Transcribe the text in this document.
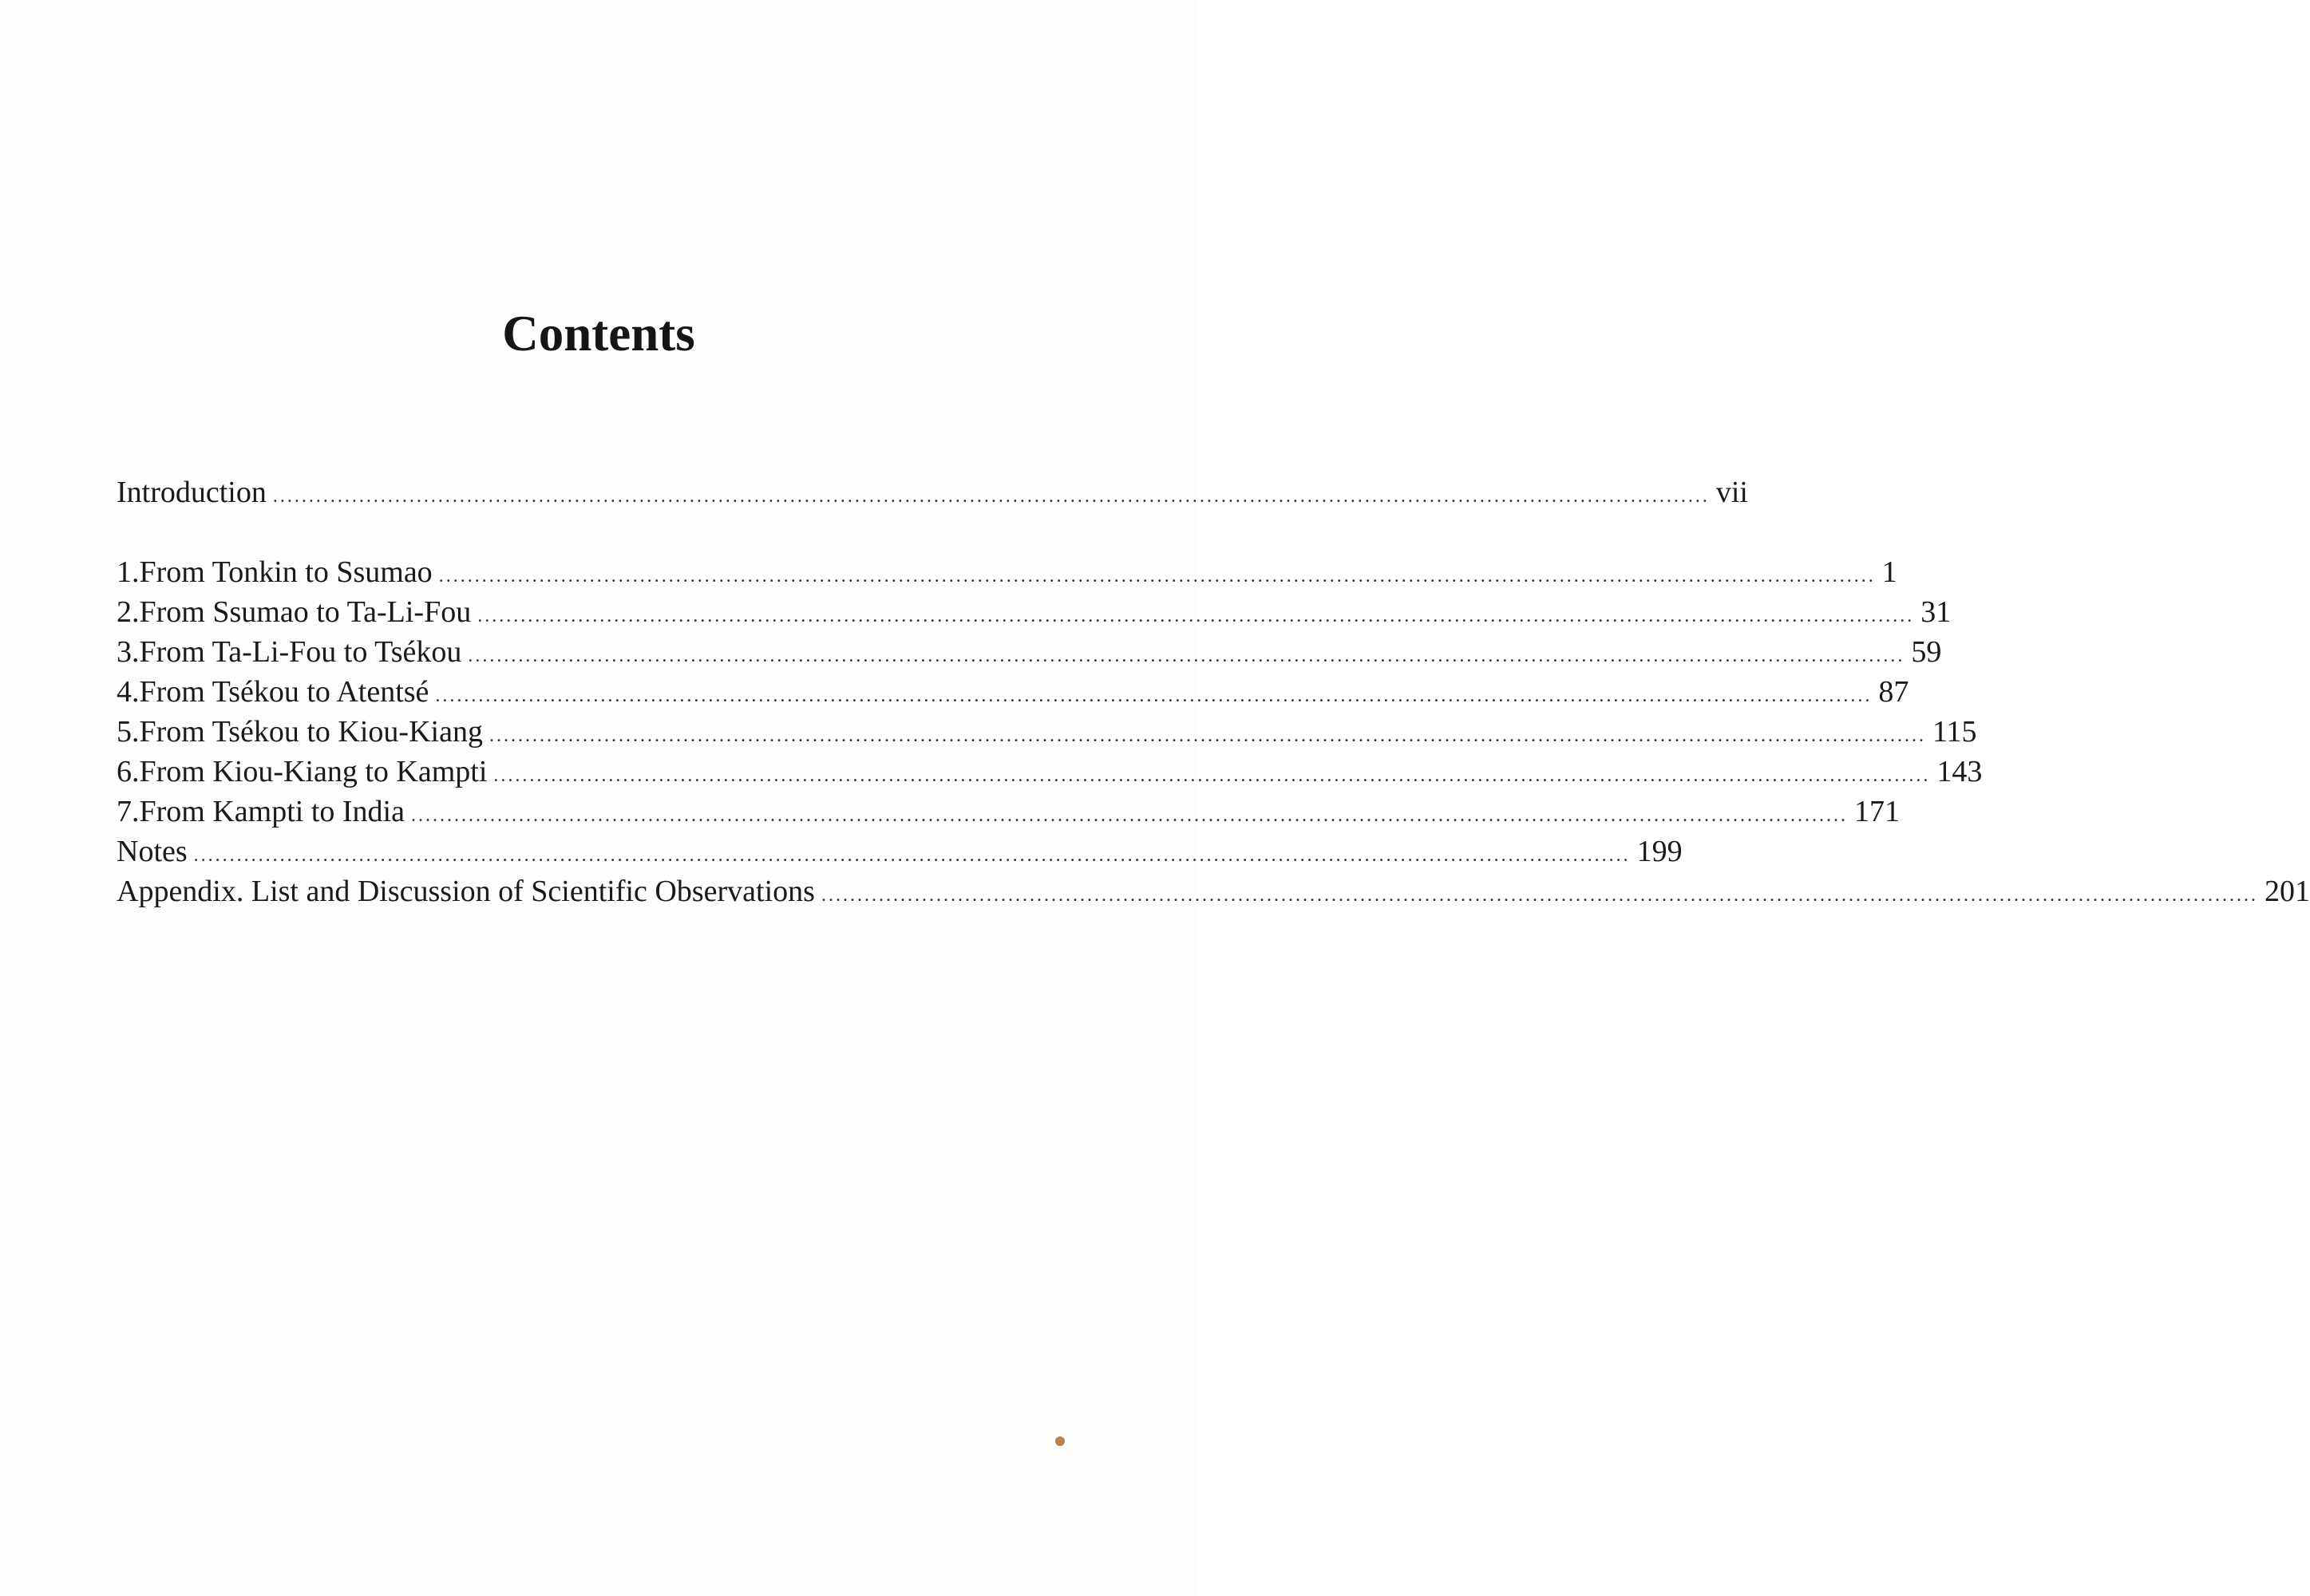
Contents
Introduction ........................................................................................................................................................................................................ vii
1. From Tonkin to Ssumao ........................................................................................................................................................................................................ 1
2. From Ssumao to Ta-Li-Fou ........................................................................................................................................................................................................ 31
3. From Ta-Li-Fou to Tsékou ........................................................................................................................................................................................................ 59
4. From Tsékou to Atentsé ........................................................................................................................................................................................................ 87
5. From Tsékou to Kiou-Kiang ........................................................................................................................................................................................................ 115
6. From Kiou-Kiang to Kampti ........................................................................................................................................................................................................ 143
7. From Kampti to India ........................................................................................................................................................................................................ 171
Notes ........................................................................................................................................................................................................ 199
Appendix. List and Discussion of Scientific Observations ........................................................................................................................................................................................................ 201
